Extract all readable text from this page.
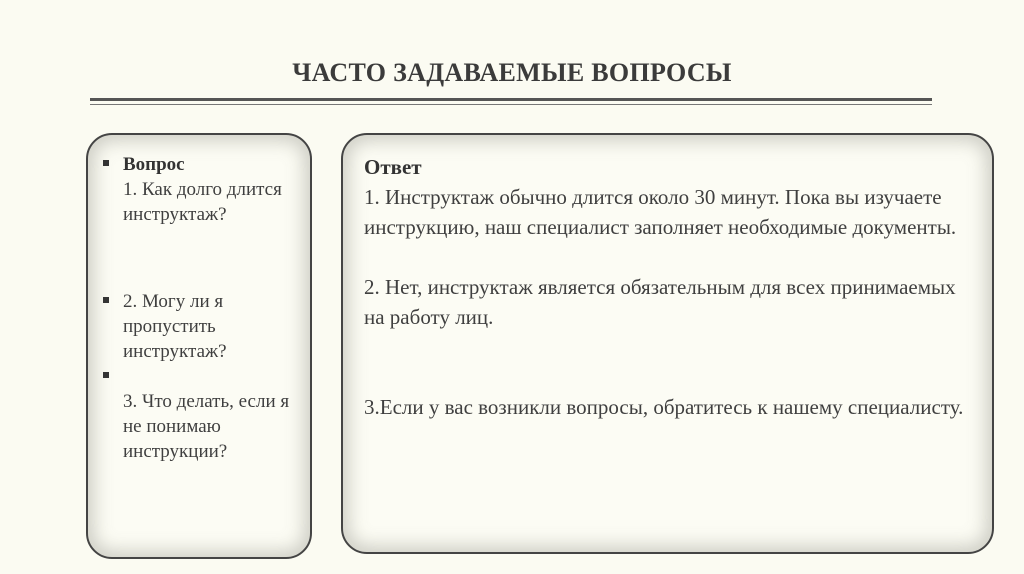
ЧАСТО ЗАДАВАЕМЫЕ ВОПРОСЫ
Вопрос
1. Как долго длится инструктаж?
2. Могу ли я пропустить инструктаж?
3. Что делать, если я не понимаю инструкции?
Ответ

1. Инструктаж обычно длится около 30 минут. Пока вы изучаете инструкцию, наш специалист заполняет необходимые документы.

2. Нет, инструктаж является обязательным для всех принимаемых на работу лиц.

3.Если у вас возникли вопросы, обратитесь к нашему специалисту.
